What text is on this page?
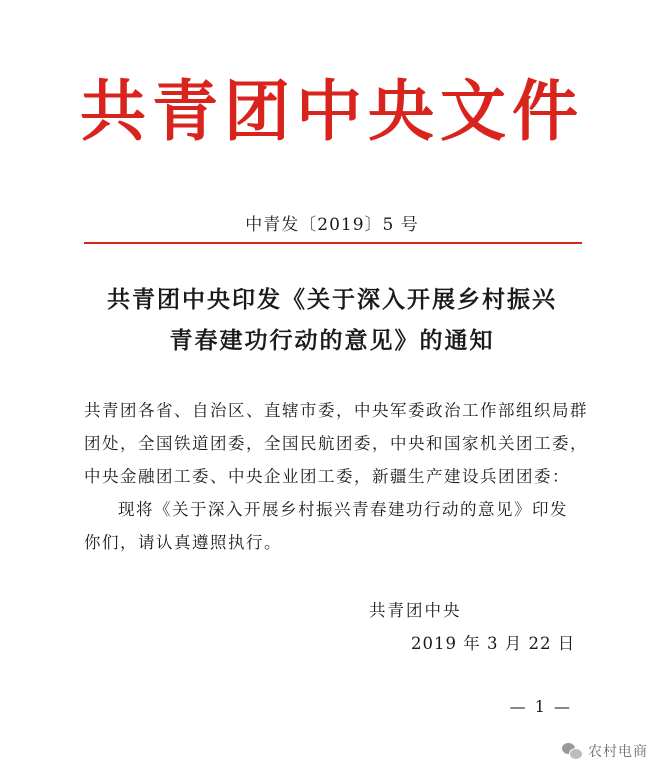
共青团中央文件
中青发〔2019〕5 号
共青团中央印发《关于深入开展乡村振兴
青春建功行动的意见》的通知
共青团各省、自治区、直辖市委，中央军委政治工作部组织局群
团处，全国铁道团委，全国民航团委，中央和国家机关团工委，
中央金融团工委、中央企业团工委，新疆生产建设兵团团委：
现将《关于深入开展乡村振兴青春建功行动的意见》印发
你们，请认真遵照执行。
共青团中央
2019 年 3 月 22 日
— 1 —
农村电商
